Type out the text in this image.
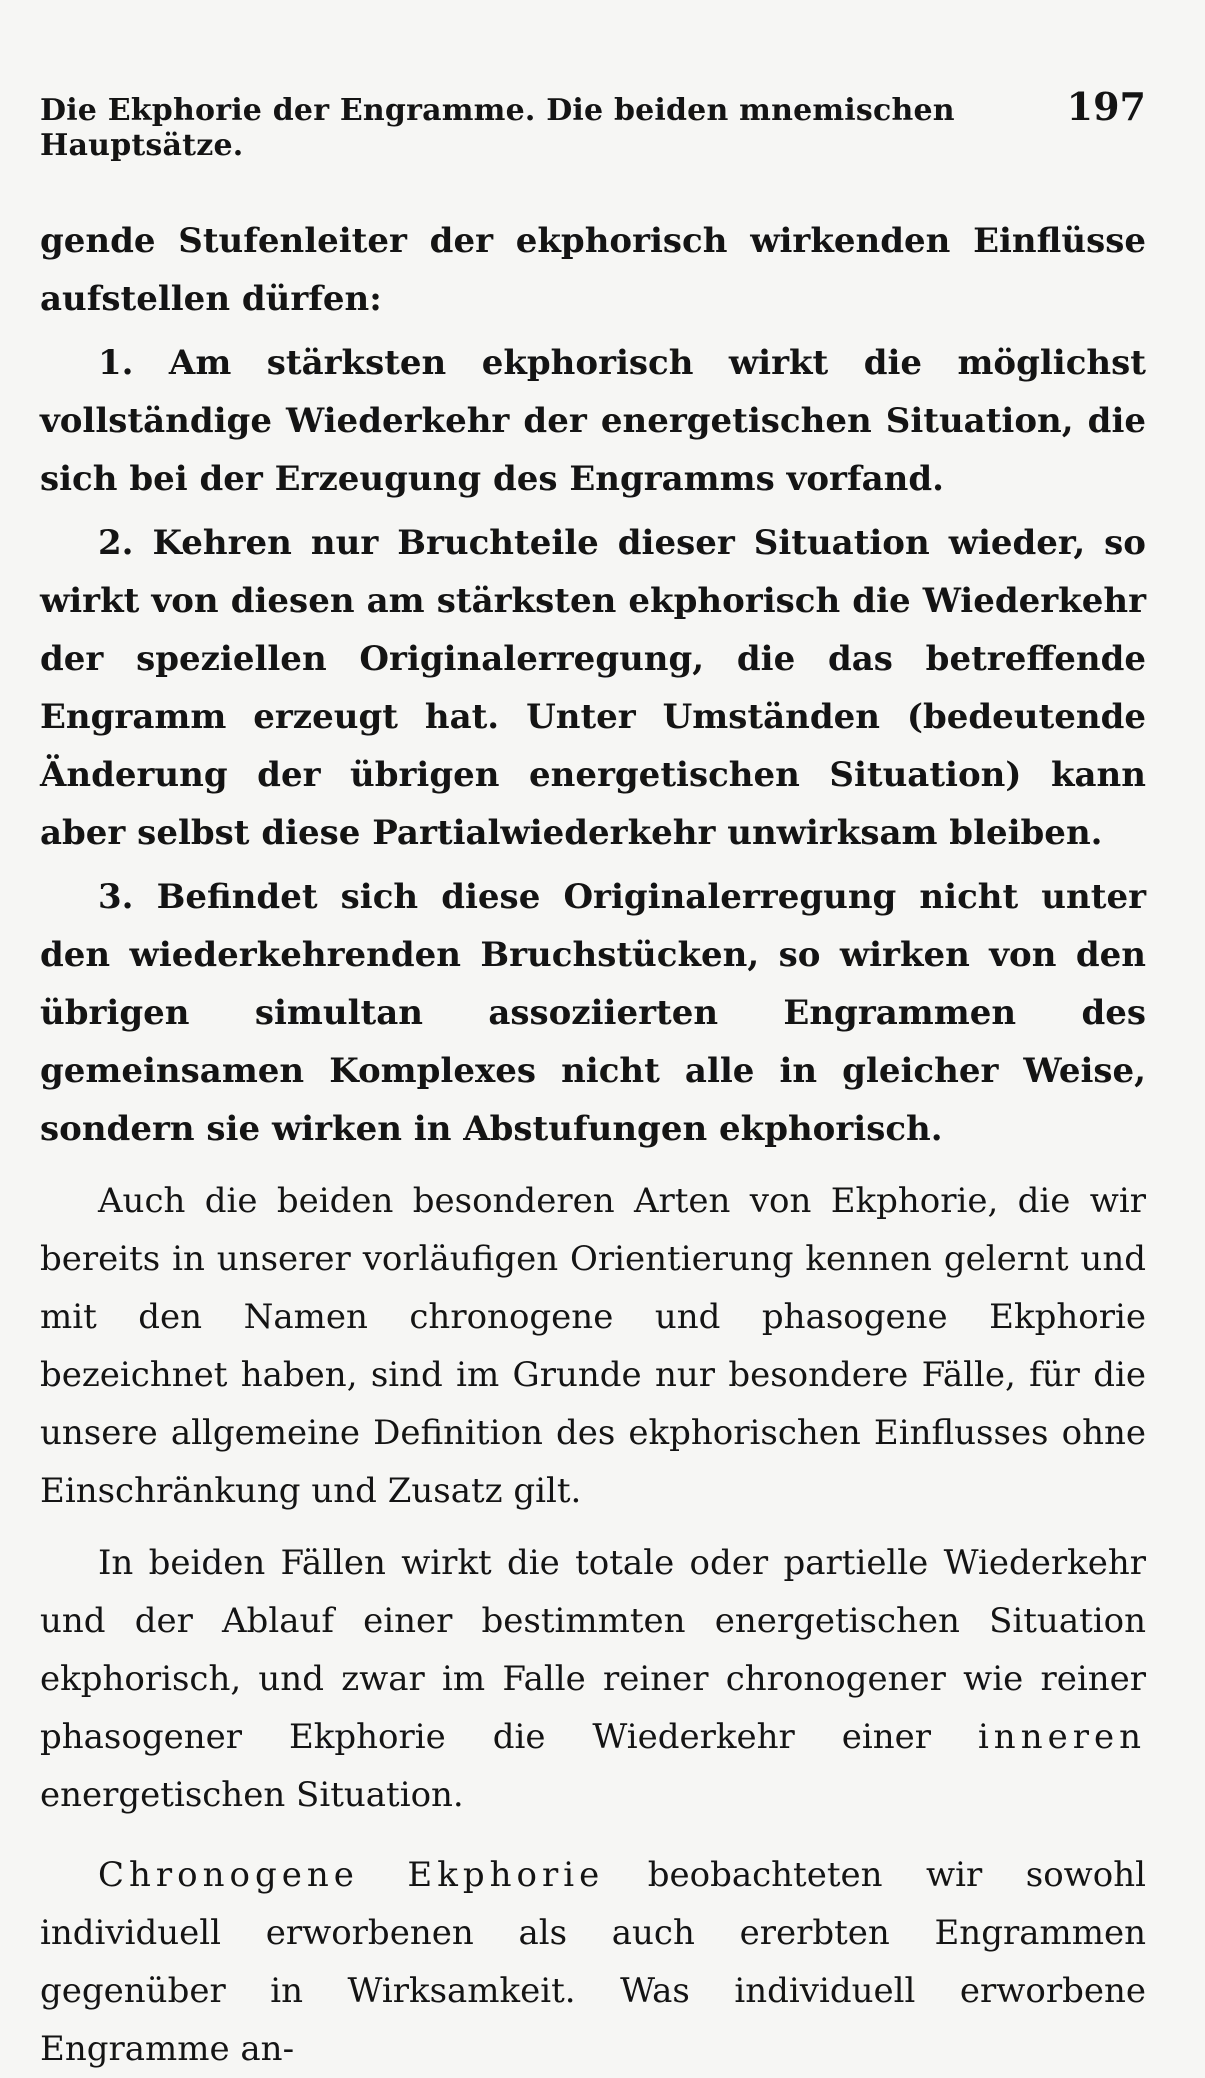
Die Ekphorie der Engramme. Die beiden mnemischen Hauptsätze.
197

gende Stufenleiter der ekphorisch wirkenden Einflüsse aufstellen dürfen:

1. Am stärksten ekphorisch wirkt die möglichst vollständige Wiederkehr der energetischen Situation, die sich bei der Erzeugung des Engramms vorfand.

2. Kehren nur Bruchteile dieser Situation wieder, so wirkt von diesen am stärksten ekphorisch die Wiederkehr der speziellen Originalerregung, die das betreffende Engramm erzeugt hat. Unter Umständen (bedeutende Änderung der übrigen energetischen Situation) kann aber selbst diese Partialwiederkehr unwirksam bleiben.

3. Befindet sich diese Originalerregung nicht unter den wiederkehrenden Bruchstücken, so wirken von den übrigen simultan assoziierten Engrammen des gemeinsamen Komplexes nicht alle in gleicher Weise, sondern sie wirken in Abstufungen ekphorisch.

Auch die beiden besonderen Arten von Ekphorie, die wir bereits in unserer vorläufigen Orientierung kennen gelernt und mit den Namen chronogene und phasogene Ekphorie bezeichnet haben, sind im Grunde nur besondere Fälle, für die unsere allgemeine Definition des ekphorischen Einflusses ohne Einschränkung und Zusatz gilt.

In beiden Fällen wirkt die totale oder partielle Wiederkehr und der Ablauf einer bestimmten energetischen Situation ekphorisch, und zwar im Falle reiner chronogener wie reiner phasogener Ekphorie die Wiederkehr einer inneren energetischen Situation.

Chronogene Ekphorie beobachteten wir sowohl individuell erworbenen als auch ererbten Engrammen gegenüber in Wirksamkeit. Was individuell erworbene Engramme an-
